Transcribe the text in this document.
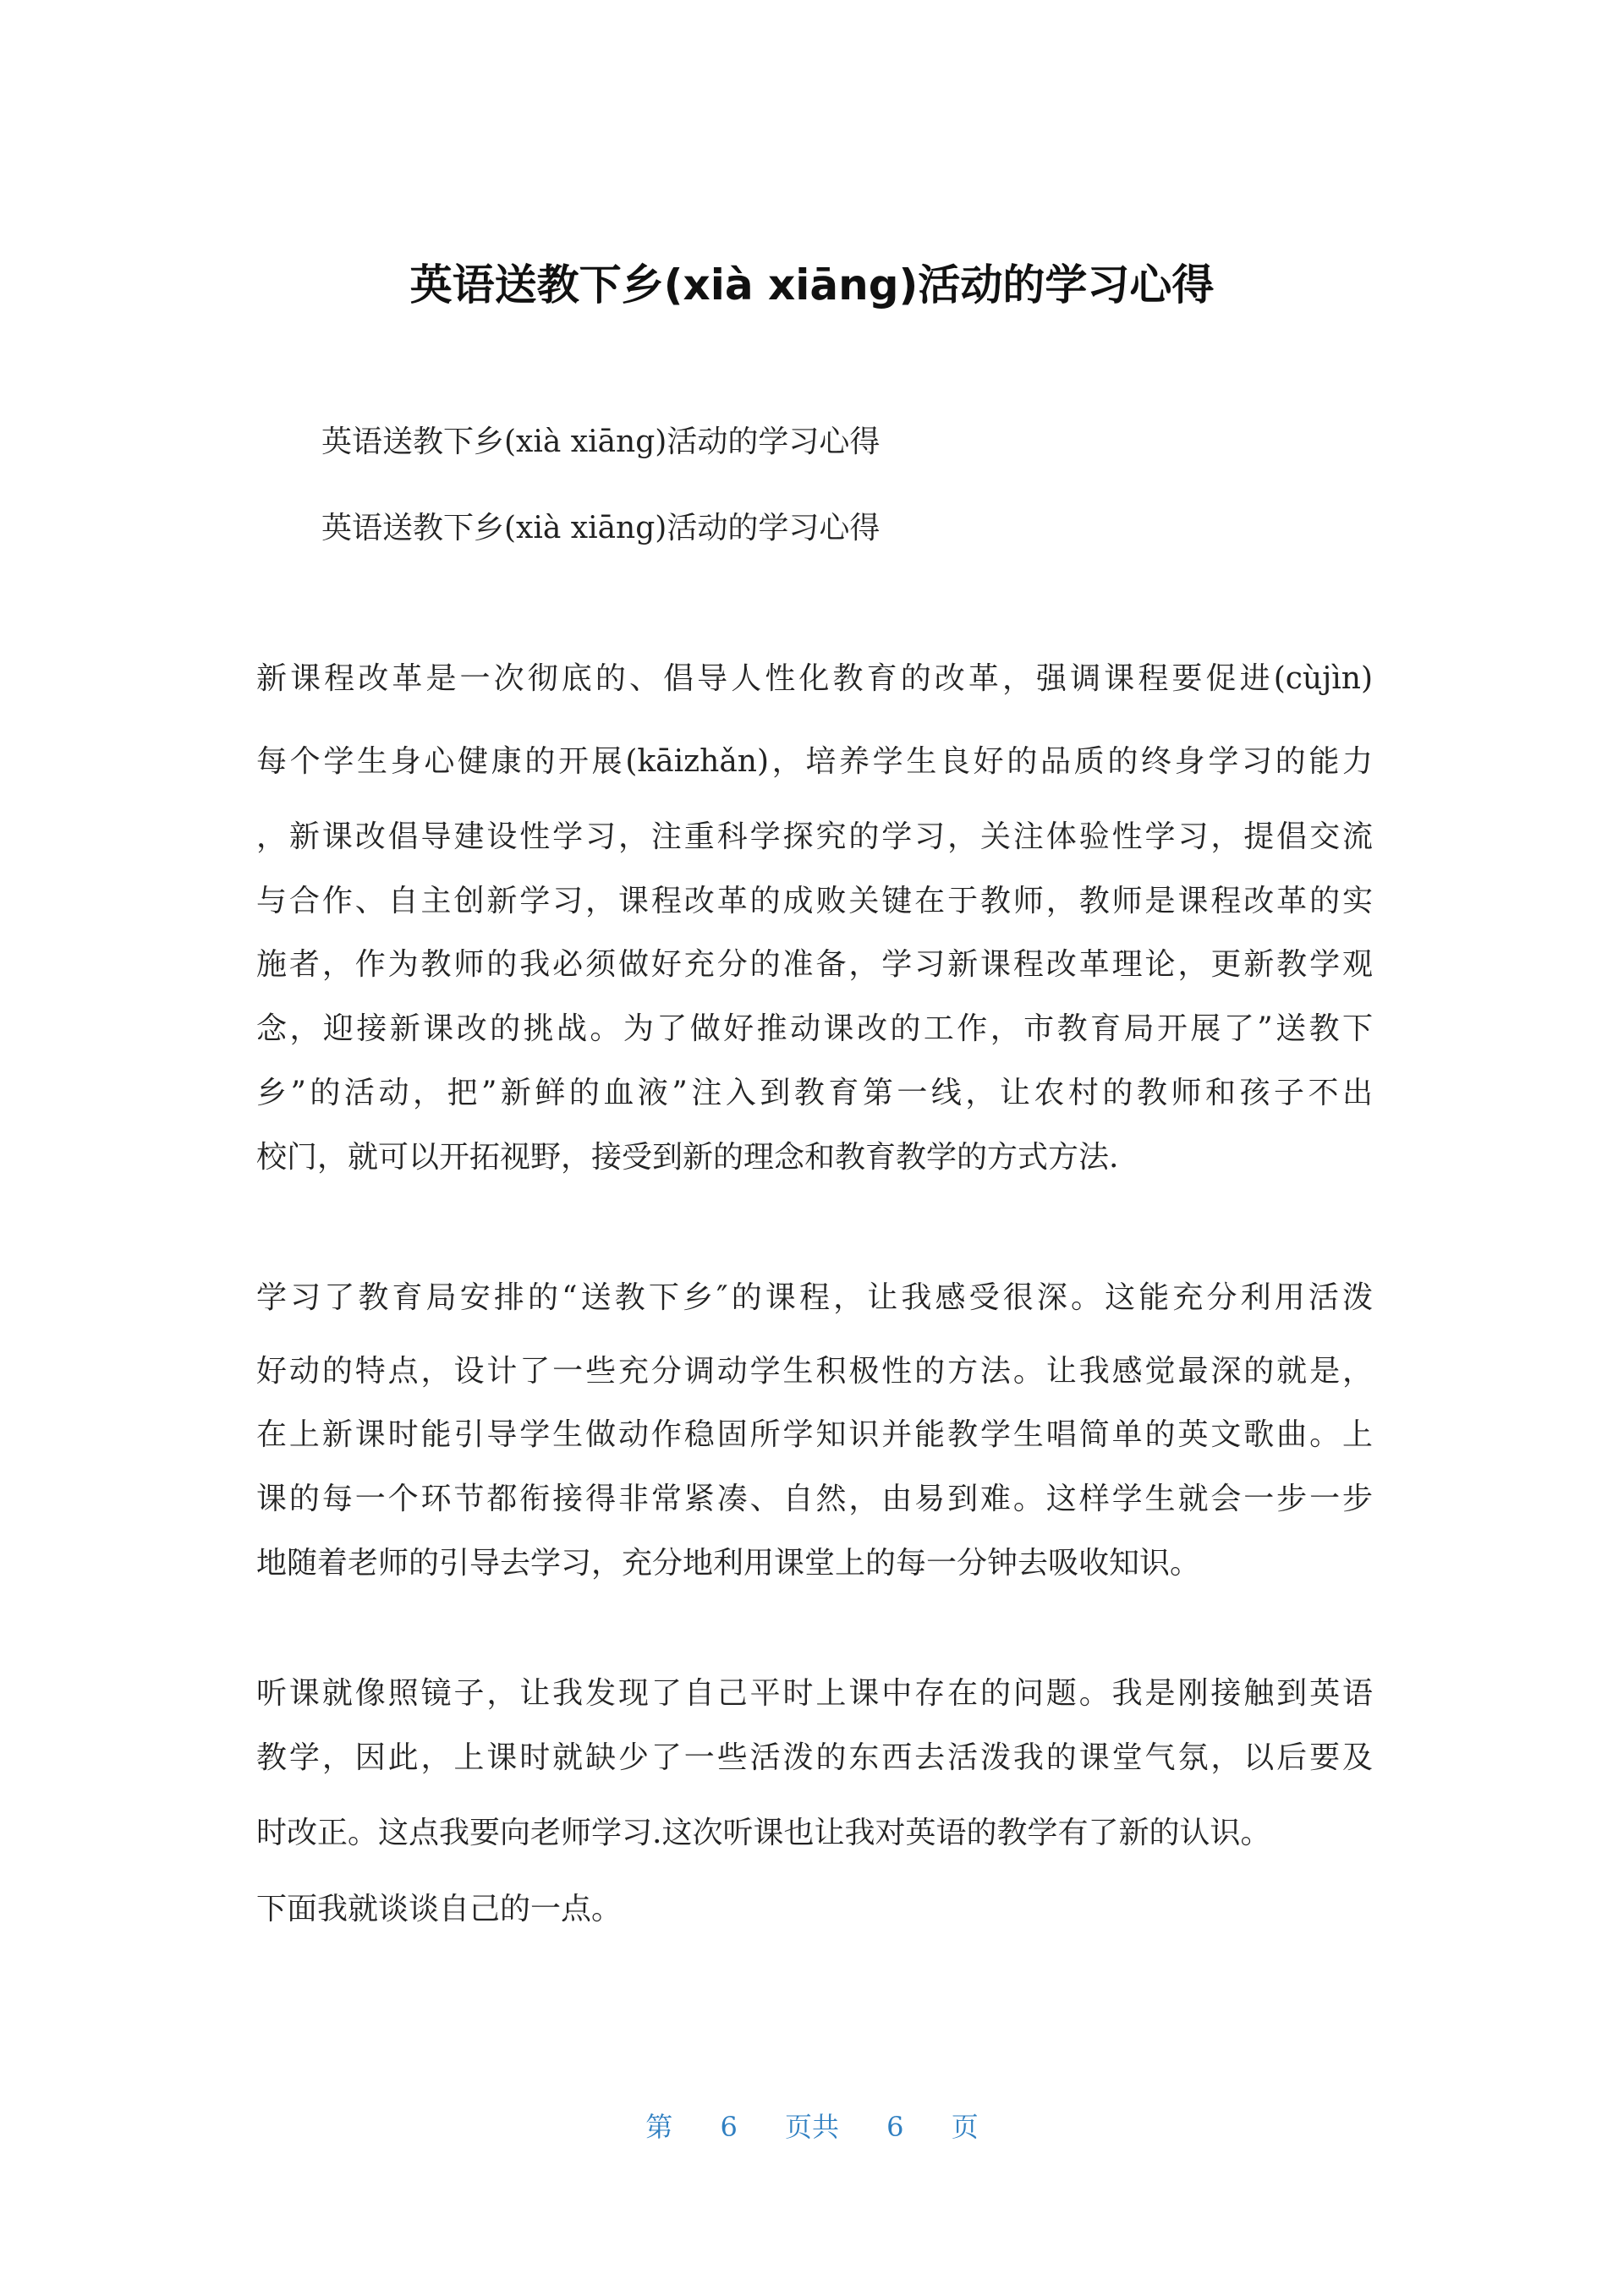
英语送教下乡(xià xiāng)活动的学习心得
英语送教下乡(xià xiāng)活动的学习心得
英语送教下乡(xià xiāng)活动的学习心得
新课程改革是一次彻底的、倡导人性化教育的改革，强调课程要促进(cùjìn)
每个学生身心健康的开展(kāizhǎn)，培养学生良好的品质的终身学习的能力
，新课改倡导建设性学习，注重科学探究的学习，关注体验性学习，提倡交流
与合作、自主创新学习，课程改革的成败关键在于教师，教师是课程改革的实
施者，作为教师的我必须做好充分的准备，学习新课程改革理论，更新教学观
念，迎接新课改的挑战。为了做好推动课改的工作，市教育局开展了”送教下
乡”的活动，把”新鲜的血液”注入到教育第一线，让农村的教师和孩子不出
校门，就可以开拓视野，接受到新的理念和教育教学的方式方法.
学习了教育局安排的“送教下乡″的课程，让我感受很深。这能充分利用活泼
好动的特点，设计了一些充分调动学生积极性的方法。让我感觉最深的就是，
在上新课时能引导学生做动作稳固所学知识并能教学生唱简单的英文歌曲。上
课的每一个环节都衔接得非常紧凑、自然，由易到难。这样学生就会一步一步
地随着老师的引导去学习，充分地利用课堂上的每一分钟去吸收知识。
听课就像照镜子，让我发现了自己平时上课中存在的问题。我是刚接触到英语
教学，因此，上课时就缺少了一些活泼的东西去活泼我的课堂气氛，以后要及
时改正。这点我要向老师学习.这次听课也让我对英语的教学有了新的认识。
下面我就谈谈自己的一点。
第 6 页共 6 页
